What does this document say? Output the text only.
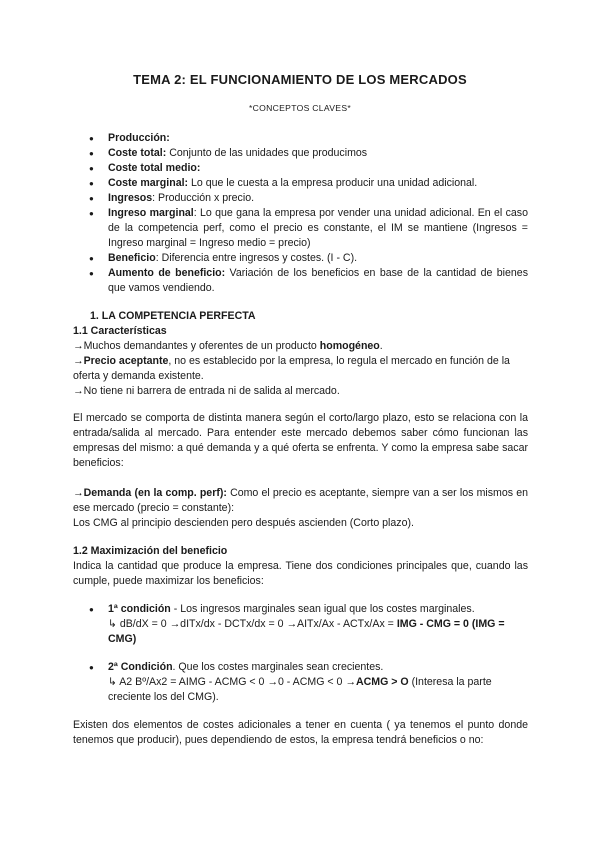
TEMA 2: EL FUNCIONAMIENTO DE LOS MERCADOS
*CONCEPTOS CLAVES*
● Producción:
● Coste total: Conjunto de las unidades que producimos
● Coste total medio:
● Coste marginal: Lo que le cuesta a la empresa producir una unidad adicional.
● Ingresos: Producción x precio.
● Ingreso marginal: Lo que gana la empresa por vender una unidad adicional. En el caso de la competencia perf, como el precio es constante, el IM se mantiene (Ingresos = Ingreso marginal = Ingreso medio = precio)
● Beneficio: Diferencia entre ingresos y costes. (I - C).
● Aumento de beneficio: Variación de los beneficios en base de la cantidad de bienes que vamos vendiendo.
1. LA COMPETENCIA PERFECTA
1.1 Características
→Muchos demandantes y oferentes de un producto homogéneo.
→Precio aceptante, no es establecido por la empresa, lo regula el mercado en función de la oferta y demanda existente.
→No tiene ni barrera de entrada ni de salida al mercado.
El mercado se comporta de distinta manera según el corto/largo plazo, esto se relaciona con la entrada/salida al mercado. Para entender este mercado debemos saber cómo funcionan las empresas del mismo: a qué demanda y a qué oferta se enfrenta. Y como la empresa sabe sacar beneficios:
→Demanda (en la comp. perf): Como el precio es aceptante, siempre van a ser los mismos en ese mercado (precio = constante):
Los CMG al principio descienden pero después ascienden (Corto plazo).
1.2 Maximización del beneficio
Indica la cantidad que produce la empresa. Tiene dos condiciones principales que, cuando las cumple, puede maximizar los beneficios:
● 1ª condición - Los ingresos marginales sean igual que los costes marginales.
↳ dB/dX = 0 →dITx/dx - DCTx/dx = 0 →AITx/Ax - ACTx/Ax = IMG - CMG = 0 (IMG = CMG)
● 2ª Condición. Que los costes marginales sean crecientes.
↳ A2 Bº/Ax2 = AIMG - ACMG < 0 →0 - ACMG < 0 →ACMG > O (Interesa la parte creciente los del CMG).
Existen dos elementos de costes adicionales a tener en cuenta ( ya tenemos el punto donde tenemos que producir), pues dependiendo de estos, la empresa tendrá beneficios o no:
